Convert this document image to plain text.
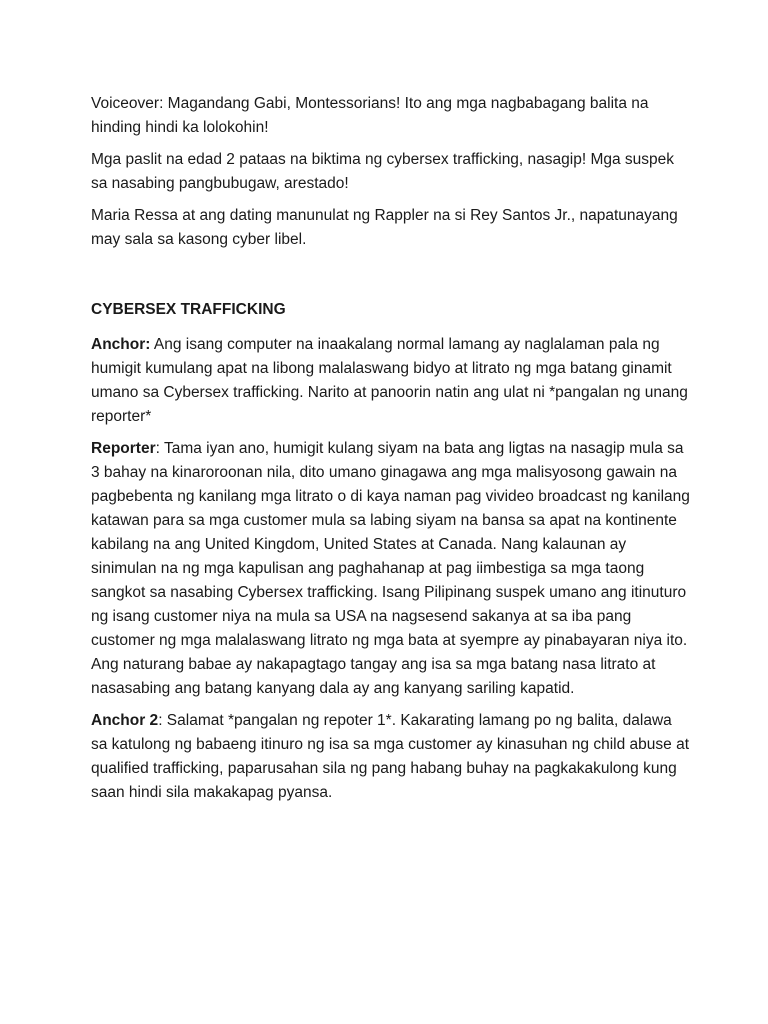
Voiceover: Magandang Gabi, Montessorians! Ito ang mga nagbabagang balita na hinding hindi ka lolokohin!

Mga paslit na edad 2 pataas na biktima ng cybersex trafficking, nasagip! Mga suspek sa nasabing pangbubugaw, arestado!

Maria Ressa at ang dating manunulat ng Rappler na si Rey Santos Jr., napatunayang may sala sa kasong cyber libel.

CYBERSEX TRAFFICKING

Anchor: Ang isang computer na inaakalang normal lamang ay naglalaman pala ng humigit kumulang apat na libong malalaswang bidyo at litrato ng mga batang ginamit umano sa Cybersex trafficking. Narito at panoorin natin ang ulat ni *pangalan ng unang reporter*

Reporter: Tama iyan ano, humigit kulang siyam na bata ang ligtas na nasagip mula sa 3 bahay na kinaroroonan nila, dito umano ginagawa ang mga malisyosong gawain na pagbebenta ng kanilang mga litrato o di kaya naman pag vivideo broadcast ng kanilang katawan para sa mga customer mula sa labing siyam na bansa sa apat na kontinente kabilang na ang United Kingdom, United States at Canada. Nang kalaunan ay sinimulan na ng mga kapulisan ang paghahanap at pag iimbestiga sa mga taong sangkot sa nasabing Cybersex trafficking. Isang Pilipinang suspek umano ang itinuturo ng isang customer niya na mula sa USA na nagsesend sakanya at sa iba pang customer ng mga malalaswang litrato ng mga bata at syempre ay pinabayaran niya ito. Ang naturang babae ay nakapagtago tangay ang isa sa mga batang nasa litrato at nasasabing ang batang kanyang dala ay ang kanyang sariling kapatid.

Anchor 2: Salamat *pangalan ng repoter 1*. Kakarating lamang po ng balita, dalawa sa katulong ng babaeng itinuro ng isa sa mga customer ay kinasuhan ng child abuse at qualified trafficking, paparusahan sila ng pang habang buhay na pagkakakulong kung saan hindi sila makakapag pyansa.
